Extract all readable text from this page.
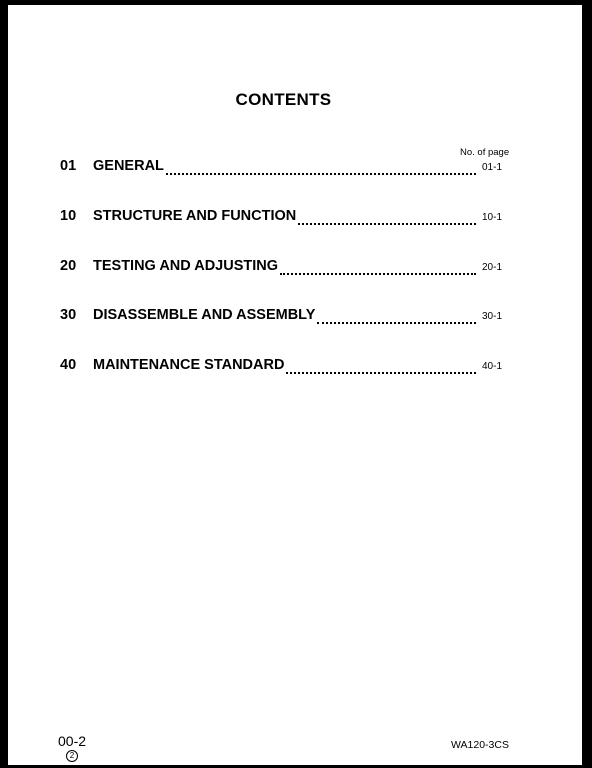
CONTENTS
No. of page
01	GENERAL	01-1
10	STRUCTURE AND FUNCTION	10-1
20	TESTING AND ADJUSTING	20-1
30	DISASSEMBLE AND ASSEMBLY	30-1
40	MAINTENANCE STANDARD	40-1
00-2
2
WA120-3CS
